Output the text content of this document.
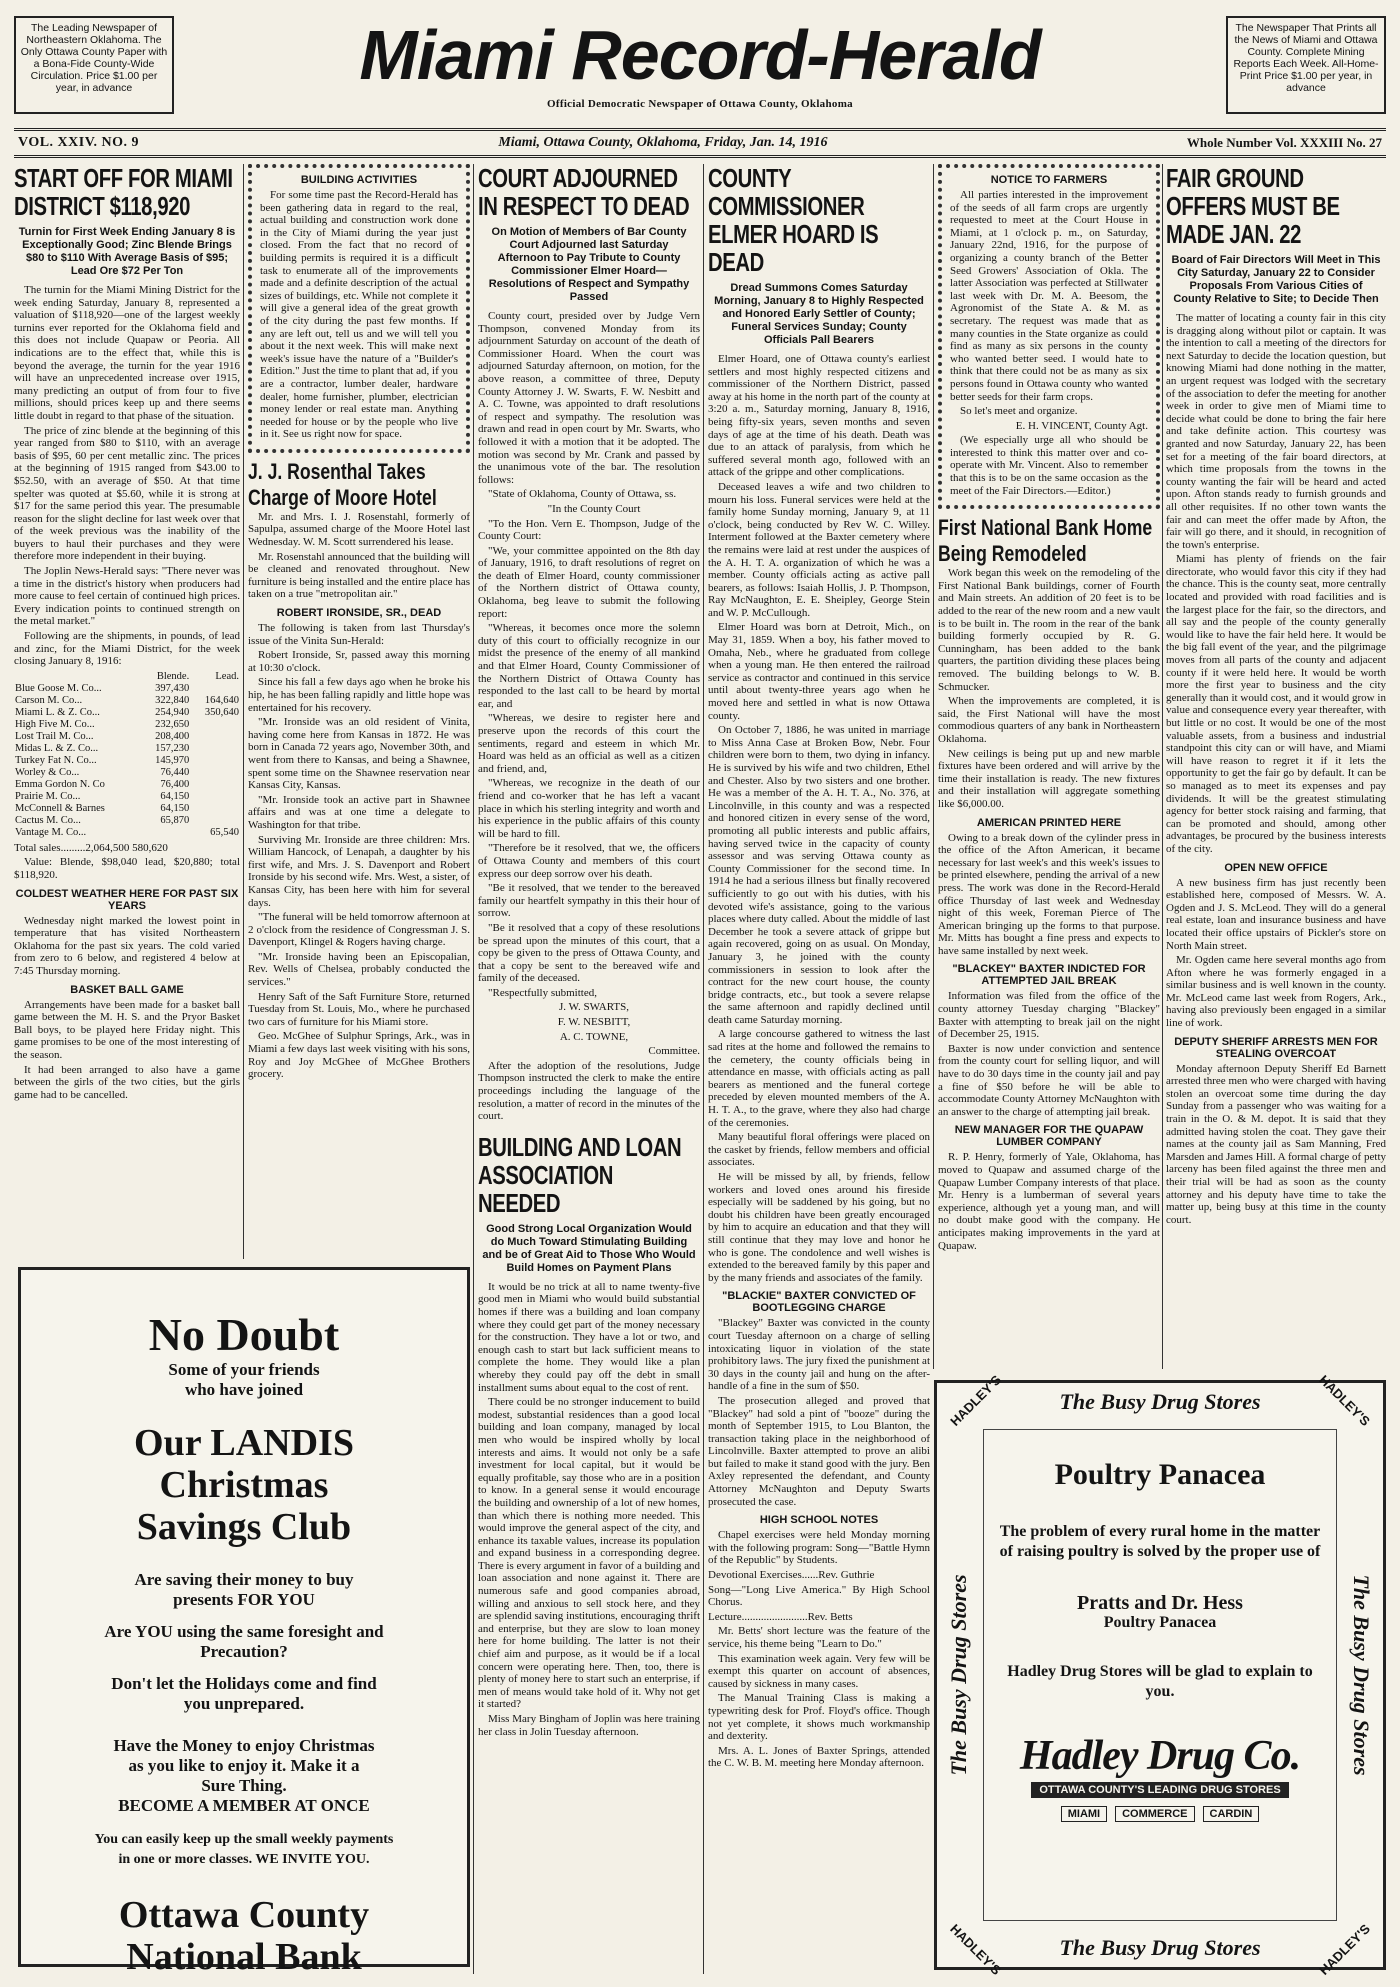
The Leading Newspaper of Northeastern Oklahoma. The Only Ottawa County Paper with a Bona-Fide County-Wide Circulation. Price $1.00 per year, in advance	Miami Record-Herald
Official Democratic Newspaper of Ottawa County, Oklahoma

The Newspaper That Prints all the News of Miami and Ottawa County. Complete Mining Reports Each Week. All-Home-Print Price $1.00 per year, in advance

VOL. XXIV. NO. 9	Miami, Ottawa County, Oklahoma, Friday, Jan. 14, 1916	Whole Number Vol. XXXIII No. 27
START OFF FOR MIAMI DISTRICT $118,920
Turnin for First Week Ending January 8 is Exceptionally Good; Zinc Blende Brings $80 to $110 With Average Basis of $95; Lead Ore $72 Per Ton

The turnin for the Miami Mining District for the week ending Saturday, January 8, represented a valuation of $118,920—one of the largest weekly turnins ever reported for the Oklahoma field and this does not include Quapaw or Peoria. All indications are to the effect that, while this is beyond the average, the turnin for the year 1916 will have an unprecedented increase over 1915, many predicting an output of from four to five millions, should prices keep up and there seems little doubt in regard to that phase of the situation.

The price of zinc blende at the beginning of this year ranged from $80 to $110, with an average basis of $95, 60 per cent metallic zinc. The prices at the beginning of 1915 ranged from $43.00 to $52.50, with an average of $50. At that time spelter was quoted at $5.60, while it is strong at $17 for the same period this year. The presumable reason for the slight decline for last week over that of the week previous was the inability of the buyers to haul their purchases and they were therefore more independent in their buying.

The Joplin News-Herald says: "There never was a time in the district's history when producers had more cause to feel certain of continued high prices. Every indication points to continued strength on the metal market."

Following are the shipments, in pounds, of lead and zinc, for the Miami District, for the week closing January 8, 1916:

	Blende.	Lead.
Blue Goose M. Co...	397,430	
Carson M. Co...	322,840	164,640
Miami L. & Z. Co...	254,940	350,640
High Five M. Co...	232,650	
Lost Trail M. Co...	208,400	
Midas L. & Z. Co...	157,230	
Turkey Fat N. Co...	145,970	
Worley & Co...	76,440	
Emma Gordon N. Co	76,400	
Prairie M. Co...	64,150	
McConnell & Barnes	64,150	
Cactus M. Co...	65,870	
Vantage M. Co...		65,540

Total sales.........2,064,500 580,620

Value: Blende, $98,040 lead, $20,880; total $118,920.

COLDEST WEATHER HERE FOR PAST SIX YEARS

Wednesday night marked the lowest point in temperature that has visited Northeastern Oklahoma for the past six years. The cold varied from zero to 6 below, and registered 4 below at 7:45 Thursday morning.

BASKET BALL GAME

Arrangements have been made for a basket ball game between the M. H. S. and the Pryor Basket Ball boys, to be played here Friday night. This game promises to be one of the most interesting of the season.

It had been arranged to also have a game between the girls of the two cities, but the girls game had to be cancelled.

BUILDING ACTIVITIES

For some time past the Record-Herald has been gathering data in regard to the real, actual building and construction work done in the City of Miami during the year just closed. From the fact that no record of building permits is required it is a difficult task to enumerate all of the improvements made and a definite description of the actual sizes of buildings, etc. While not complete it will give a general idea of the great growth of the city during the past few months. If any are left out, tell us and we will tell you about it the next week. This will make next week's issue have the nature of a "Builder's Edition." Just the time to plant that ad, if you are a contractor, lumber dealer, hardware dealer, home furnisher, plumber, electrician money lender or real estate man. Anything needed for house or by the people who live in it. See us right now for space.

J. J. Rosenthal Takes Charge of Moore Hotel

Mr. and Mrs. I. J. Rosenstahl, formerly of Sapulpa, assumed charge of the Moore Hotel last Wednesday. W. M. Scott surrendered his lease.

Mr. Rosenstahl announced that the building will be cleaned and renovated throughout. New furniture is being installed and the entire place has taken on a true "metropolitan air."

ROBERT IRONSIDE, SR., DEAD

The following is taken from last Thursday's issue of the Vinita Sun-Herald:

Robert Ironside, Sr, passed away this morning at 10:30 o'clock.

Since his fall a few days ago when he broke his hip, he has been falling rapidly and little hope was entertained for his recovery.

"Mr. Ironside was an old resident of Vinita, having come here from Kansas in 1872. He was born in Canada 72 years ago, November 30th, and went from there to Kansas, and being a Shawnee, spent some time on the Shawnee reservation near Kansas City, Kansas.

"Mr. Ironside took an active part in Shawnee affairs and was at one time a delegate to Washington for that tribe.

Surviving Mr. Ironside are three children: Mrs. William Hancock, of Lenapah, a daughter by his first wife, and Mrs. J. S. Davenport and Robert Ironside by his second wife. Mrs. West, a sister, of Kansas City, has been here with him for several days.

"The funeral will be held tomorrow afternoon at 2 o'clock from the residence of Congressman J. S. Davenport, Klingel & Rogers having charge.

"Mr. Ironside having been an Episcopalian, Rev. Wells of Chelsea, probably conducted the services."

Henry Saft of the Saft Furniture Store, returned Tuesday from St. Louis, Mo., where he purchased two cars of furniture for his Miami store.

Geo. McGhee of Sulphur Springs, Ark., was in Miami a few days last week visiting with his sons, Roy and Joy McGhee of McGhee Brothers grocery.

COURT ADJOURNED IN RESPECT TO DEAD
On Motion of Members of Bar County Court Adjourned last Saturday Afternoon to Pay Tribute to County Commissioner Elmer Hoard—Resolutions of Respect and Sympathy Passed

County court, presided over by Judge Vern Thompson, convened Monday from its adjournment Saturday on account of the death of Commissioner Hoard. When the court was adjourned Saturday afternoon, on motion, for the above reason, a committee of three, Deputy County Attorney J. W. Swarts, F. W. Nesbitt and A. C. Towne, was appointed to draft resolutions of respect and sympathy. The resolution was drawn and read in open court by Mr. Swarts, who followed it with a motion that it be adopted. The motion was second by Mr. Crank and passed by the unanimous vote of the bar. The resolution follows:

"State of Oklahoma, County of Ottawa, ss.

"In the County Court

"To the Hon. Vern E. Thompson, Judge of the County Court:

"We, your committee appointed on the 8th day of January, 1916, to draft resolutions of regret on the death of Elmer Hoard, county commissioner of the Northern district of Ottawa county, Oklahoma, beg leave to submit the following report:

"Whereas, it becomes once more the solemn duty of this court to officially recognize in our midst the presence of the enemy of all mankind and that Elmer Hoard, County Commissioner of the Northern District of Ottawa County has responded to the last call to be heard by mortal ear, and

"Whereas, we desire to register here and preserve upon the records of this court the sentiments, regard and esteem in which Mr. Hoard was held as an official as well as a citizen and friend, and,

"Whereas, we recognize in the death of our friend and co-worker that he has left a vacant place in which his sterling integrity and worth and his experience in the public affairs of this county will be hard to fill.

"Therefore be it resolved, that we, the officers of Ottawa County and members of this court express our deep sorrow over his death.

"Be it resolved, that we tender to the bereaved family our heartfelt sympathy in this their hour of sorrow.

"Be it resolved that a copy of these resolutions be spread upon the minutes of this court, that a copy be given to the press of Ottawa County, and that a copy be sent to the bereaved wife and family of the deceased.

"Respectfully submitted,

J. W. SWARTS,

F. W. NESBITT,

A. C. TOWNE,

Committee.

After the adoption of the resolutions, Judge Thompson instructed the clerk to make the entire proceedings including the language of the resolution, a matter of record in the minutes of the court.

BUILDING AND LOAN ASSOCIATION NEEDED
Good Strong Local Organization Would do Much Toward Stimulating Building and be of Great Aid to Those Who Would Build Homes on Payment Plans

It would be no trick at all to name twenty-five good men in Miami who would build substantial homes if there was a building and loan company where they could get part of the money necessary for the construction. They have a lot or two, and enough cash to start but lack sufficient means to complete the home. They would like a plan whereby they could pay off the debt in small installment sums about equal to the cost of rent.

There could be no stronger inducement to build modest, substantial residences than a good local building and loan company, managed by local men who would be inspired wholly by local interests and aims. It would not only be a safe investment for local capital, but it would be equally profitable, say those who are in a position to know. In a general sense it would encourage the building and ownership of a lot of new homes, than which there is nothing more needed. This would improve the general aspect of the city, and enhance its taxable values, increase its population and expand business in a corresponding degree. There is every argument in favor of a building and loan association and none against it. There are numerous safe and good companies abroad, willing and anxious to sell stock here, and they are splendid saving institutions, encouraging thrift and enterprise, but they are slow to loan money here for home building. The latter is not their chief aim and purpose, as it would be if a local concern were operating here. Then, too, there is plenty of money here to start such an enterprise, if men of means would take hold of it. Why not get it started?

Miss Mary Bingham of Joplin was here training her class in Jolin Tuesday afternoon.

COUNTY COMMISSIONER ELMER HOARD IS DEAD
Dread Summons Comes Saturday Morning, January 8 to Highly Respected and Honored Early Settler of County; Funeral Services Sunday; County Officials Pall Bearers

Elmer Hoard, one of Ottawa county's earliest settlers and most highly respected citizens and commissioner of the Northern District, passed away at his home in the north part of the county at 3:20 a. m., Saturday morning, January 8, 1916, being fifty-six years, seven months and seven days of age at the time of his death. Death was due to an attack of paralysis, from which he suffered several month ago, followed with an attack of the grippe and other complications.

Deceased leaves a wife and two children to mourn his loss. Funeral services were held at the family home Sunday morning, January 9, at 11 o'clock, being conducted by Rev W. C. Willey. Interment followed at the Baxter cemetery where the remains were laid at rest under the auspices of the A. H. T. A. organization of which he was a member. County officials acting as active pall bearers, as follows: Isaiah Hollis, J. P. Thompson, Ray McNaughton, E. E. Sheipley, George Stein and W. P. McCullough.

Elmer Hoard was born at Detroit, Mich., on May 31, 1859. When a boy, his father moved to Omaha, Neb., where he graduated from college when a young man. He then entered the railroad service as contractor and continued in this service until about twenty-three years ago when he moved here and settled in what is now Ottawa county.

On October 7, 1886, he was united in marriage to Miss Anna Case at Broken Bow, Nebr. Four children were born to them, two dying in infancy. He is survived by his wife and two children, Ethel and Chester. Also by two sisters and one brother. He was a member of the A. H. T. A., No. 376, at Lincolnville, in this county and was a respected and honored citizen in every sense of the word, promoting all public interests and public affairs, having served twice in the capacity of county assessor and was serving Ottawa county as County Commissioner for the second time. In 1914 he had a serious illness but finally recovered sufficiently to go out with his duties, with his devoted wife's assistance, going to the various places where duty called. About the middle of last December he took a severe attack of grippe but again recovered, going on as usual. On Monday, January 3, he joined with the county commissioners in session to look after the contract for the new court house, the county bridge contracts, etc., but took a severe relapse the same afternoon and rapidly declined until death came Saturday morning.

A large concourse gathered to witness the last sad rites at the home and followed the remains to the cemetery, the county officials being in attendance en masse, with officials acting as pall bearers as mentioned and the funeral cortege preceded by eleven mounted members of the A. H. T. A., to the grave, where they also had charge of the ceremonies.

Many beautiful floral offerings were placed on the casket by friends, fellow members and official associates.

He will be missed by all, by friends, fellow workers and loved ones around his fireside especially will be saddened by his going, but no doubt his children have been greatly encouraged by him to acquire an education and that they will still continue that they may love and honor he who is gone. The condolence and well wishes is extended to the bereaved family by this paper and by the many friends and associates of the family.

"BLACKIE" BAXTER CONVICTED OF BOOTLEGGING CHARGE

"Blackey" Baxter was convicted in the county court Tuesday afternoon on a charge of selling intoxicating liquor in violation of the state prohibitory laws. The jury fixed the punishment at 30 days in the county jail and hung on the after-handle of a fine in the sum of $50.

The prosecution alleged and proved that "Blackey" had sold a pint of "booze" during the month of September 1915, to Lou Blanton, the transaction taking place in the neighborhood of Lincolnville. Baxter attempted to prove an alibi but failed to make it stand good with the jury. Ben Axley represented the defendant, and County Attorney McNaughton and Deputy Swarts prosecuted the case.

HIGH SCHOOL NOTES

Chapel exercises were held Monday morning with the following program: Song—"Battle Hymn of the Republic" by Students.

Devotional Exercises......Rev. Guthrie

Song—"Long Live America." By High School Chorus.

Lecture........................Rev. Betts

Mr. Betts' short lecture was the feature of the service, his theme being "Learn to Do."

This examination week again. Very few will be exempt this quarter on account of absences, caused by sickness in many cases.

The Manual Training Class is making a typewriting desk for Prof. Floyd's office. Though not yet complete, it shows much workmanship and dexterity.

Mrs. A. L. Jones of Baxter Springs, attended the C. W. B. M. meeting here Monday afternoon.

NOTICE TO FARMERS

All parties interested in the improvement of the seeds of all farm crops are urgently requested to meet at the Court House in Miami, at 1 o'clock p. m., on Saturday, January 22nd, 1916, for the purpose of organizing a county branch of the Better Seed Growers' Association of Okla. The latter Association was perfected at Stillwater last week with Dr. M. A. Beesom, the Agronomist of the State A. & M. as secretary. The request was made that as many counties in the State organize as could find as many as six persons in the county who wanted better seed. I would hate to think that there could not be as many as six persons found in Ottawa county who wanted better seeds for their farm crops.

So let's meet and organize.

E. H. VINCENT, County Agt.

(We especially urge all who should be interested to think this matter over and co-operate with Mr. Vincent. Also to remember that this is to be on the same occasion as the meet of the Fair Directors.—Editor.)

First National Bank Home Being Remodeled

Work began this week on the remodeling of the First National Bank buildings, corner of Fourth and Main streets. An addition of 20 feet is to be added to the rear of the new room and a new vault is to be built in. The room in the rear of the bank building formerly occupied by R. G. Cunningham, has been added to the bank quarters, the partition dividing these places being removed. The building belongs to W. B. Schmucker.

When the improvements are completed, it is said, the First National will have the most commodious quarters of any bank in Northeastern Oklahoma.

New ceilings is being put up and new marble fixtures have been ordered and will arrive by the time their installation is ready. The new fixtures and their installation will aggregate something like $6,000.00.

AMERICAN PRINTED HERE

Owing to a break down of the cylinder press in the office of the Afton American, it became necessary for last week's and this week's issues to be printed elsewhere, pending the arrival of a new press. The work was done in the Record-Herald office Thursday of last week and Wednesday night of this week, Foreman Pierce of The American bringing up the forms to that purpose. Mr. Mitts has bought a fine press and expects to have same installed by next week.

"BLACKEY" BAXTER INDICTED FOR ATTEMPTED JAIL BREAK

Information was filed from the office of the county attorney Tuesday charging "Blackey" Baxter with attempting to break jail on the night of December 25, 1915.

Baxter is now under conviction and sentence from the county court for selling liquor, and will have to do 30 days time in the county jail and pay a fine of $50 before he will be able to accommodate County Attorney McNaughton with an answer to the charge of attempting jail break.

NEW MANAGER FOR THE QUAPAW LUMBER COMPANY

R. P. Henry, formerly of Yale, Oklahoma, has moved to Quapaw and assumed charge of the Quapaw Lumber Company interests of that place. Mr. Henry is a lumberman of several years experience, although yet a young man, and will no doubt make good with the company. He anticipates making improvements in the yard at Quapaw.

FAIR GROUND OFFERS MUST BE MADE JAN. 22
Board of Fair Directors Will Meet in This City Saturday, January 22 to Consider Proposals From Various Cities of County Relative to Site; to Decide Then

The matter of locating a county fair in this city is dragging along without pilot or captain. It was the intention to call a meeting of the directors for next Saturday to decide the location question, but knowing Miami had done nothing in the matter, an urgent request was lodged with the secretary of the association to defer the meeting for another week in order to give men of Miami time to decide what could be done to bring the fair here and take definite action. This courtesy was granted and now Saturday, January 22, has been set for a meeting of the fair board directors, at which time proposals from the towns in the county wanting the fair will be heard and acted upon. Afton stands ready to furnish grounds and all other requisites. If no other town wants the fair and can meet the offer made by Afton, the fair will go there, and it should, in recognition of the town's enterprise.

Miami has plenty of friends on the fair directorate, who would favor this city if they had the chance. This is the county seat, more centrally located and provided with road facilities and is the largest place for the fair, so the directors, and all say and the people of the county generally would like to have the fair held here. It would be the big fall event of the year, and the pilgrimage moves from all parts of the county and adjacent county if it were held here. It would be worth more the first year to business and the city generally than it would cost, and it would grow in value and consequence every year thereafter, with but little or no cost. It would be one of the most valuable assets, from a business and industrial standpoint this city can or will have, and Miami will have reason to regret it if it lets the opportunity to get the fair go by default. It can be so managed as to meet its expenses and pay dividends. It will be the greatest stimulating agency for better stock raising and farming, that can be promoted and should, among other advantages, be procured by the business interests of the city.

OPEN NEW OFFICE

A new business firm has just recently been established here, composed of Messrs. W. A. Ogden and J. S. McLeod. They will do a general real estate, loan and insurance business and have located their office upstairs of Pickler's store on North Main street.

Mr. Ogden came here several months ago from Afton where he was formerly engaged in a similar business and is well known in the county. Mr. McLeod came last week from Rogers, Ark., having also previously been engaged in a similar line of work.

DEPUTY SHERIFF ARRESTS MEN FOR STEALING OVERCOAT

Monday afternoon Deputy Sheriff Ed Barnett arrested three men who were charged with having stolen an overcoat some time during the day Sunday from a passenger who was waiting for a train in the O. & M. depot. It is said that they admitted having stolen the coat. They gave their names at the county jail as Sam Manning, Fred Marsden and James Hill. A formal charge of petty larceny has been filed against the three men and their trial will be had as soon as the county attorney and his deputy have time to take the matter up, being busy at this time in the county court.

No Doubt
Some of your friends
who have joined
Our LANDIS
Christmas
Savings Club
Are saving their money to buy
presents FOR YOU
Are YOU using the same foresight and
Precaution?
Don't let the Holidays come and find
you unprepared.
Have the Money to enjoy Christmas
as you like to enjoy it. Make it a
Sure Thing.
BECOME A MEMBER AT ONCE
You can easily keep up the small weekly payments
in one or more classes. WE INVITE YOU.
Ottawa County
National Bank
The Busy Drug Stores
The Busy Drug Stores
The Busy Drug Stores	The Busy Drug Stores
HADLEY'S	HADLEY'S
HADLEY'S	HADLEY'S
Poultry Panacea
The problem of every rural home in the matter of raising poultry is solved by the proper use of
Pratts and Dr. Hess
Poultry Panacea
Hadley Drug Stores will be glad to explain to you.
Hadley Drug Co.
OTTAWA COUNTY'S LEADING DRUG STORES
MIAMI	COMMERCE	CARDIN
